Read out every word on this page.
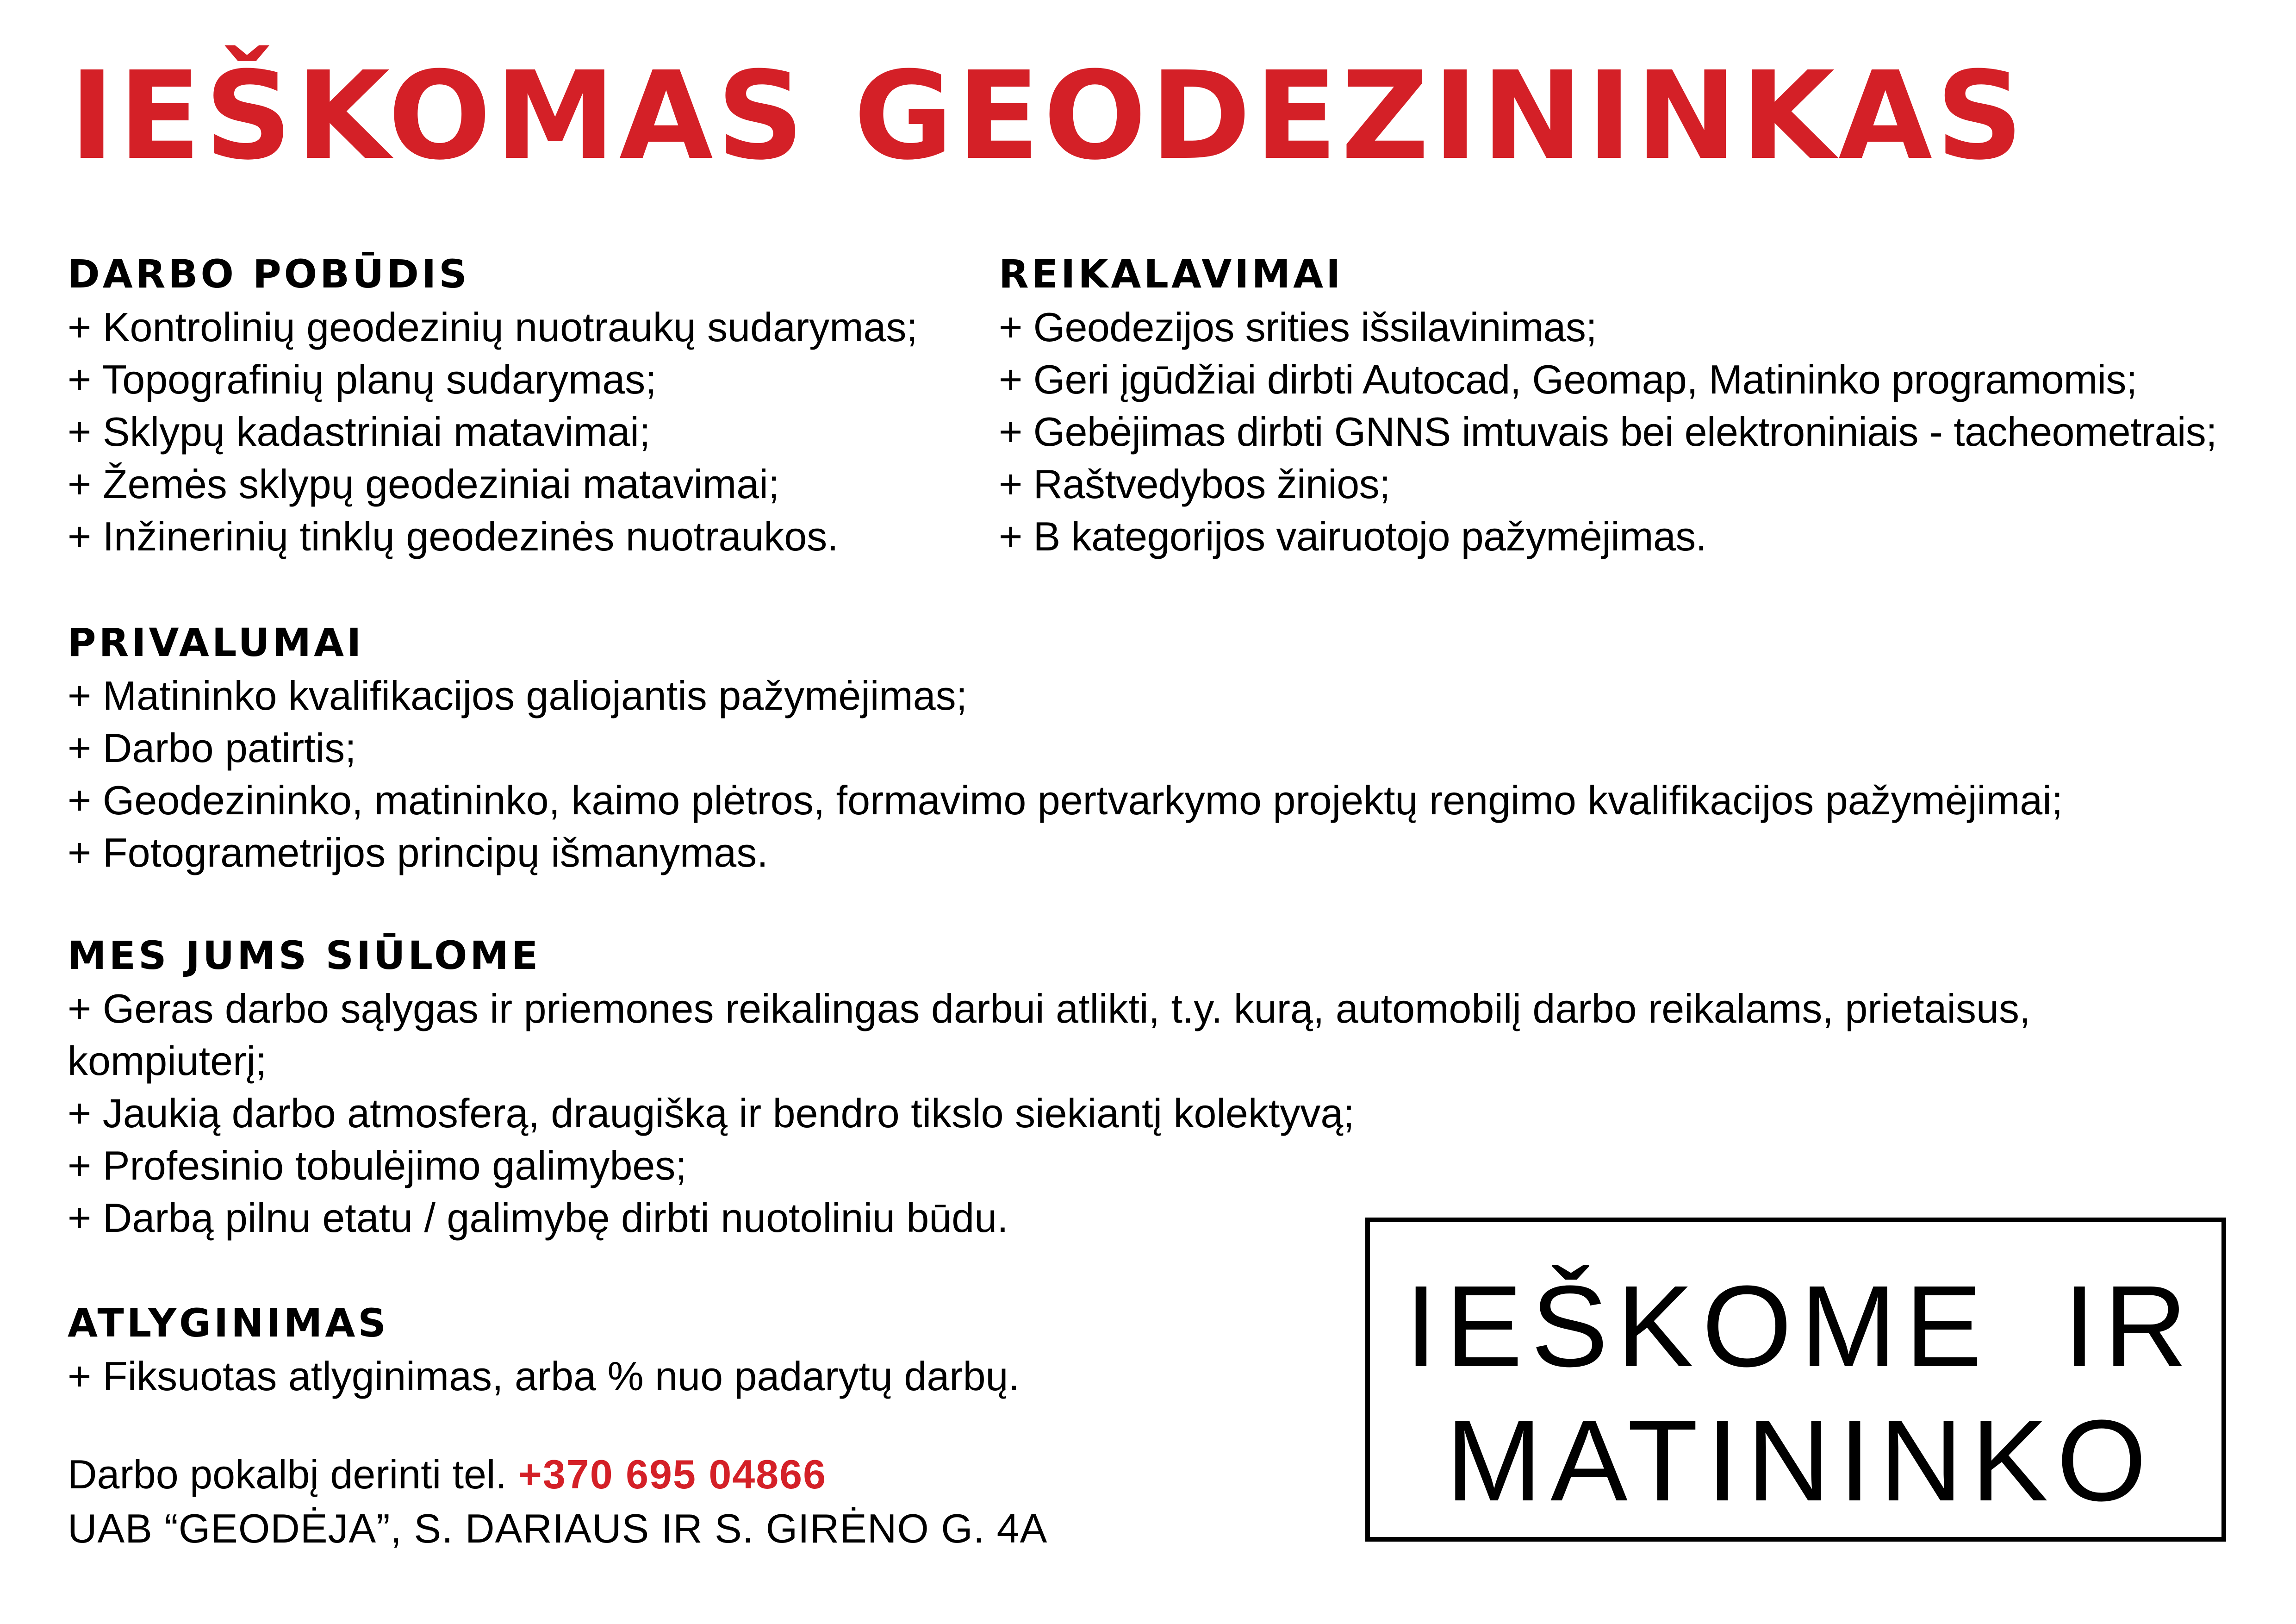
IEŠKOMAS GEODEZININKAS
DARBO POBŪDIS
+ Kontrolinių geodezinių nuotraukų sudarymas;
+ Topografinių planų sudarymas;
+ Sklypų kadastriniai matavimai;
+ Žemės sklypų geodeziniai matavimai;
+ Inžinerinių tinklų geodezinės nuotraukos.
REIKALAVIMAI
+ Geodezijos srities išsilavinimas;
+ Geri įgūdžiai dirbti Autocad, Geomap, Matininko programomis;
+ Gebėjimas dirbti GNNS imtuvais bei elektroniniais - tacheometrais;
+ Raštvedybos žinios;
+ B kategorijos vairuotojo pažymėjimas.
PRIVALUMAI
+ Matininko kvalifikacijos galiojantis pažymėjimas;
+ Darbo patirtis;
+ Geodezininko, matininko, kaimo plėtros, formavimo pertvarkymo projektų rengimo kvalifikacijos pažymėjimai;
+ Fotogrametrijos principų išmanymas.
MES JUMS SIŪLOME
+ Geras darbo sąlygas ir priemones reikalingas darbui atlikti, t.y. kurą, automobilį darbo reikalams, prietaisus, kompiuterį;
+ Jaukią darbo atmosferą, draugišką ir bendro tikslo siekiantį kolektyvą;
+ Profesinio tobulėjimo galimybes;
+ Darbą pilnu etatu / galimybę dirbti nuotoliniu būdu.
ATLYGINIMAS
+ Fiksuotas atlyginimas, arba % nuo padarytų darbų.
Darbo pokalbį derinti tel. +370 695 04866
UAB “GEODĖJA”, S. DARIAUS IR S. GIRĖNO G. 4A
IEŠKOME IR
MATININKO
